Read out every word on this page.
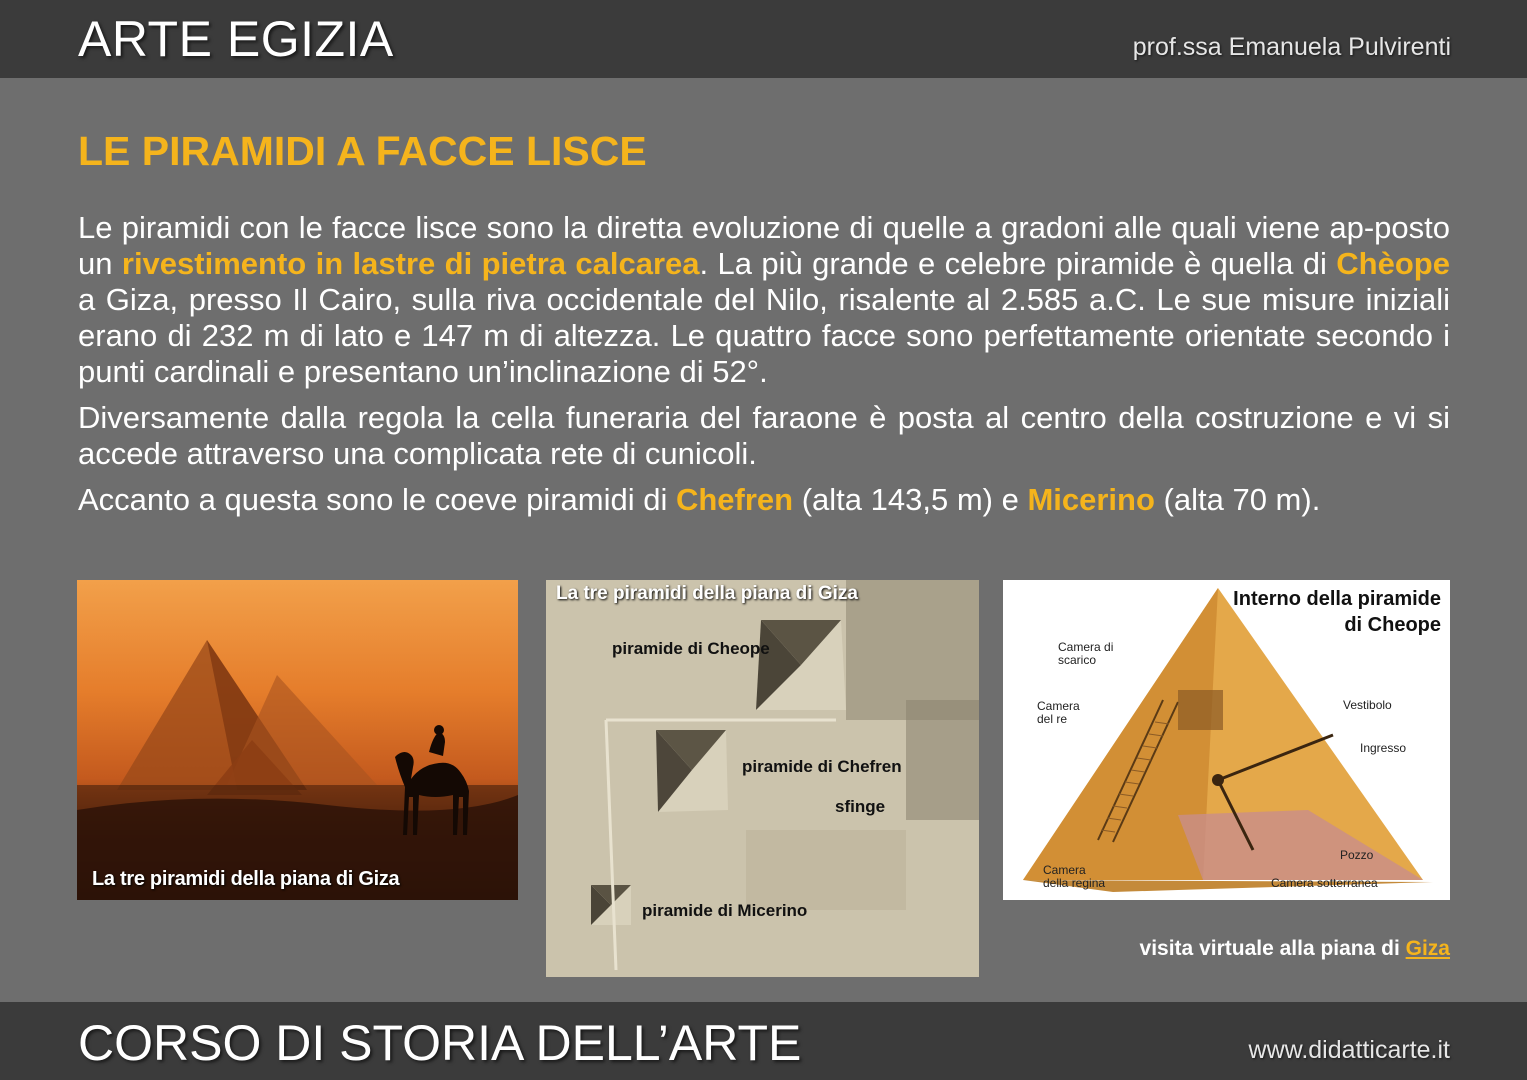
ARTE EGIZIA	prof.ssa Emanuela Pulvirenti
LE PIRAMIDI A FACCE LISCE

Le piramidi con le facce lisce sono la diretta evoluzione di quelle a gradoni alle quali viene ap-posto un rivestimento in lastre di pietra calcarea. La più grande e celebre piramide è quella di Chèope a Giza, presso Il Cairo, sulla riva occidentale del Nilo, risalente al 2.585 a.C. Le sue misure iniziali erano di 232 m di lato e 147 m di altezza. Le quattro facce sono perfettamente orientate secondo i punti cardinali e presentano un’inclinazione di 52°.

Diversamente dalla regola la cella funeraria del faraone è posta al centro della costruzione e vi si accede attraverso una complicata rete di cunicoli.

Accanto a questa sono le coeve piramidi di Chefren (alta 143,5 m) e Micerino (alta 70 m).

La tre piramidi della piana di Giza
La tre piramidi della piana di Giza
piramide di Cheope
piramide di Chefren
sfinge
piramide di Micerino
Interno della piramide
di Cheope
Camera di
scarico
Camera
del re
Vestibolo
Ingresso
Pozzo
Camera
della regina	Camera sotterranea
visita virtuale alla piana di Giza
CORSO DI STORIA DELL’ARTE	www.didatticarte.it
